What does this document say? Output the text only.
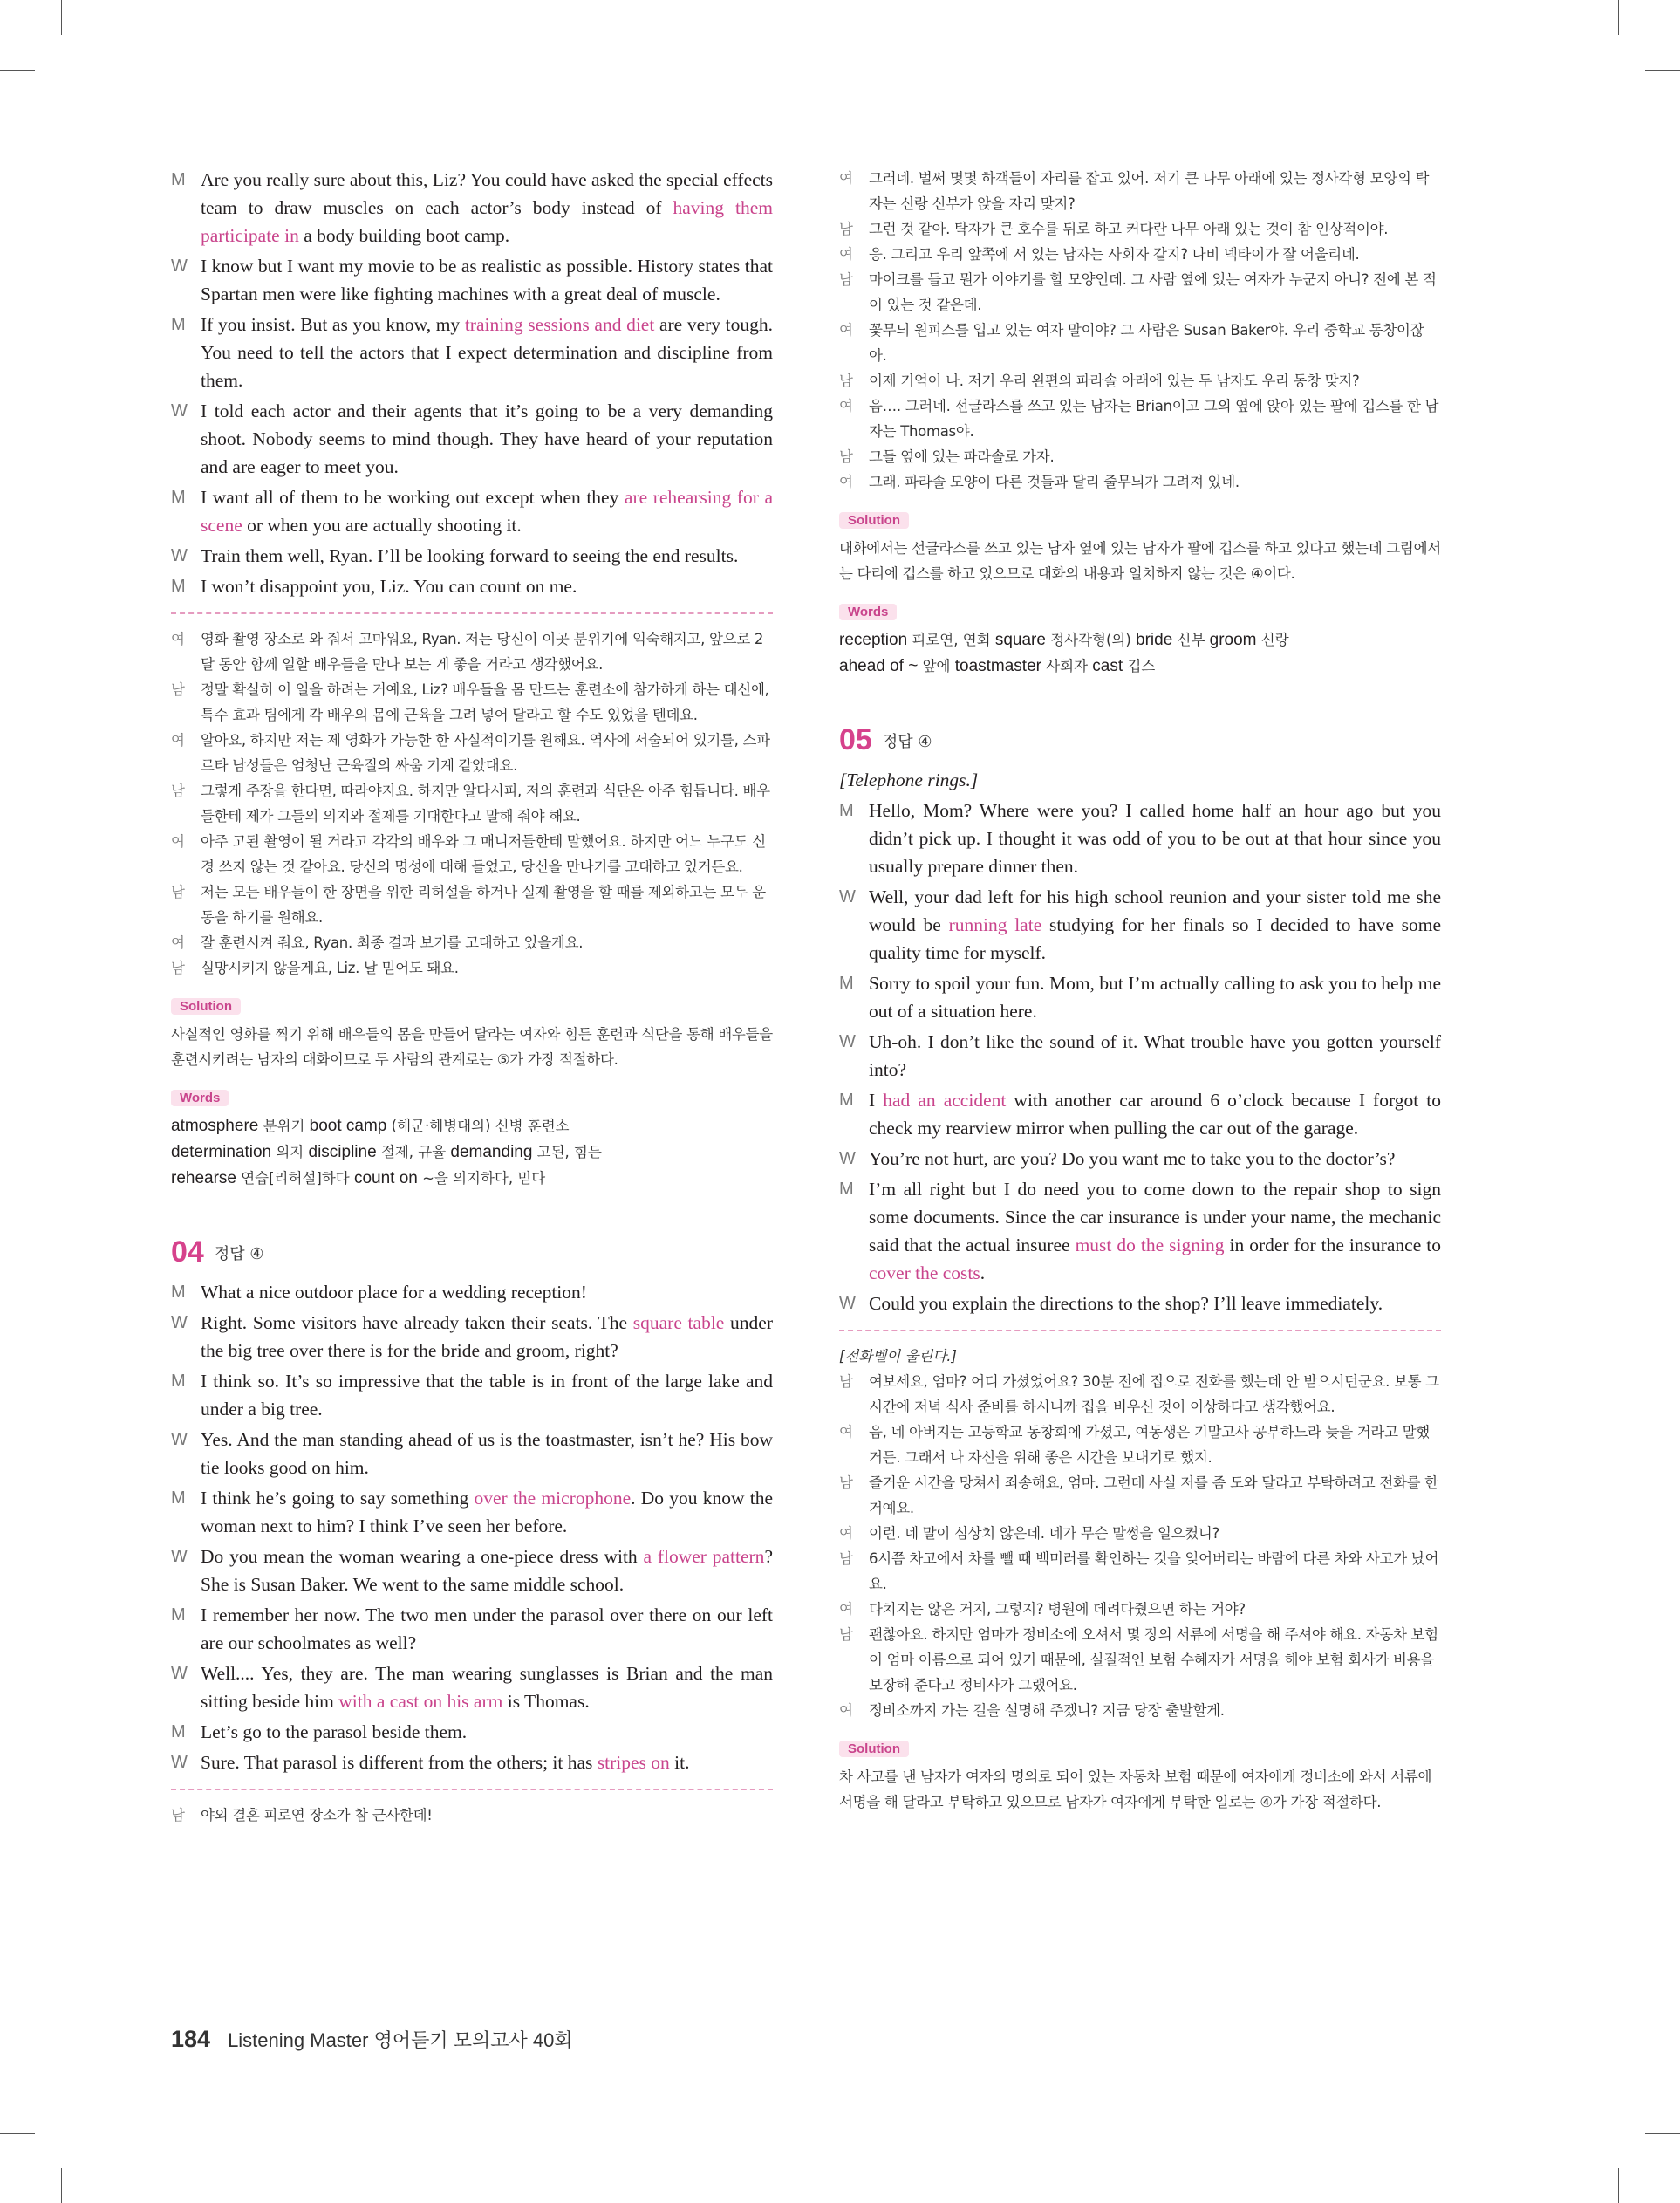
M Are you really sure about this, Liz? You could have asked the special effects team to draw muscles on each actor’s body instead of having them participate in a body building boot camp.

W I know but I want my movie to be as realistic as possible. History states that Spartan men were like fighting machines with a great deal of muscle.

M If you insist. But as you know, my training sessions and diet are very tough. You need to tell the actors that I expect determination and discipline from them.

W I told each actor and their agents that it’s going to be a very demanding shoot. Nobody seems to mind though. They have heard of your reputation and are eager to meet you.

M I want all of them to be working out except when they are rehearsing for a scene or when you are actually shooting it.

W Train them well, Ryan. I’ll be looking forward to seeing the end results.

M I won’t disappoint you, Liz. You can count on me.

여 영화 촬영 장소로 와 줘서 고마워요, Ryan. 저는 당신이 이곳 분위기에 익숙해지고, 앞으로 2달 동안 함께 일할 배우들을 만나 보는 게 좋을 거라고 생각했어요.

남 정말 확실히 이 일을 하려는 거예요, Liz? 배우들을 몸 만드는 훈련소에 참가하게 하는 대신에, 특수 효과 팀에게 각 배우의 몸에 근육을 그려 넣어 달라고 할 수도 있었을 텐데요.

여 알아요, 하지만 저는 제 영화가 가능한 한 사실적이기를 원해요. 역사에 서술되어 있기를, 스파르타 남성들은 엄청난 근육질의 싸움 기계 같았대요.

남 그렇게 주장을 한다면, 따라야지요. 하지만 알다시피, 저의 훈련과 식단은 아주 힘듭니다. 배우들한테 제가 그들의 의지와 절제를 기대한다고 말해 줘야 해요.

여 아주 고된 촬영이 될 거라고 각각의 배우와 그 매니저들한테 말했어요. 하지만 어느 누구도 신경 쓰지 않는 것 같아요. 당신의 명성에 대해 들었고, 당신을 만나기를 고대하고 있거든요.

남 저는 모든 배우들이 한 장면을 위한 리허설을 하거나 실제 촬영을 할 때를 제외하고는 모두 운동을 하기를 원해요.

여 잘 훈련시켜 줘요, Ryan. 최종 결과 보기를 고대하고 있을게요.

남 실망시키지 않을게요, Liz. 날 믿어도 돼요.

Solution

사실적인 영화를 찍기 위해 배우들의 몸을 만들어 달라는 여자와 힘든 훈련과 식단을 통해 배우들을 훈련시키려는 남자의 대화이므로 두 사람의 관계로는 ⑤가 가장 적절하다.

Words

atmosphere 분위기 boot camp (해군·해병대의) 신병 훈련소

determination 의지 discipline 절제, 규율 demanding 고된, 힘든

rehearse 연습[리허설]하다 count on ~을 의지하다, 믿다

04 정답 ④

M What a nice outdoor place for a wedding reception!

W Right. Some visitors have already taken their seats. The square table under the big tree over there is for the bride and groom, right?

M I think so. It’s so impressive that the table is in front of the large lake and under a big tree.

W Yes. And the man standing ahead of us is the toastmaster, isn’t he? His bow tie looks good on him.

M I think he’s going to say something over the microphone. Do you know the woman next to him? I think I’ve seen her before.

W Do you mean the woman wearing a one-piece dress with a flower pattern? She is Susan Baker. We went to the same middle school.

M I remember her now. The two men under the parasol over there on our left are our schoolmates as well?

W Well.... Yes, they are. The man wearing sunglasses is Brian and the man sitting beside him with a cast on his arm is Thomas.

M Let’s go to the parasol beside them.

W Sure. That parasol is different from the others; it has stripes on it.

남 야외 결혼 피로연 장소가 참 근사한데!

여 그러네. 벌써 몇몇 하객들이 자리를 잡고 있어. 저기 큰 나무 아래에 있는 정사각형 모양의 탁자는 신랑 신부가 앉을 자리 맞지?

남 그런 것 같아. 탁자가 큰 호수를 뒤로 하고 커다란 나무 아래 있는 것이 참 인상적이야.

여 응. 그리고 우리 앞쪽에 서 있는 남자는 사회자 같지? 나비 넥타이가 잘 어울리네.

남 마이크를 들고 뭔가 이야기를 할 모양인데. 그 사람 옆에 있는 여자가 누군지 아니? 전에 본 적이 있는 것 같은데.

여 꽃무늬 원피스를 입고 있는 여자 말이야? 그 사람은 Susan Baker야. 우리 중학교 동창이잖아.

남 이제 기억이 나. 저기 우리 왼편의 파라솔 아래에 있는 두 남자도 우리 동창 맞지?

여 음…. 그러네. 선글라스를 쓰고 있는 남자는 Brian이고 그의 옆에 앉아 있는 팔에 깁스를 한 남자는 Thomas야.

남 그들 옆에 있는 파라솔로 가자.

여 그래. 파라솔 모양이 다른 것들과 달리 줄무늬가 그려져 있네.

Solution

대화에서는 선글라스를 쓰고 있는 남자 옆에 있는 남자가 팔에 깁스를 하고 있다고 했는데 그림에서는 다리에 깁스를 하고 있으므로 대화의 내용과 일치하지 않는 것은 ④이다.

Words

reception 피로연, 연회 square 정사각형(의) bride 신부 groom 신랑

ahead of ~ 앞에 toastmaster 사회자 cast 깁스

05 정답 ④

[Telephone rings.]

M Hello, Mom? Where were you? I called home half an hour ago but you didn’t pick up. I thought it was odd of you to be out at that hour since you usually prepare dinner then.

W Well, your dad left for his high school reunion and your sister told me she would be running late studying for her finals so I decided to have some quality time for myself.

M Sorry to spoil your fun. Mom, but I’m actually calling to ask you to help me out of a situation here.

W Uh-oh. I don’t like the sound of it. What trouble have you gotten yourself into?

M I had an accident with another car around 6 o’clock because I forgot to check my rearview mirror when pulling the car out of the garage.

W You’re not hurt, are you? Do you want me to take you to the doctor’s?

M I’m all right but I do need you to come down to the repair shop to sign some documents. Since the car insurance is under your name, the mechanic said that the actual insuree must do the signing in order for the insurance to cover the costs.

W Could you explain the directions to the shop? I’ll leave immediately.

[전화벨이 울린다.]

남 여보세요, 엄마? 어디 가셨었어요? 30분 전에 집으로 전화를 했는데 안 받으시던군요. 보통 그 시간에 저녁 식사 준비를 하시니까 집을 비우신 것이 이상하다고 생각했어요.

여 음, 네 아버지는 고등학교 동창회에 가셨고, 여동생은 기말고사 공부하느라 늦을 거라고 말했거든. 그래서 나 자신을 위해 좋은 시간을 보내기로 했지.

남 즐거운 시간을 망쳐서 죄송해요, 엄마. 그런데 사실 저를 좀 도와 달라고 부탁하려고 전화를 한 거예요.

여 이런. 네 말이 심상치 않은데. 네가 무슨 말썽을 일으켰니?

남 6시쯤 차고에서 차를 뺄 때 백미러를 확인하는 것을 잊어버리는 바람에 다른 차와 사고가 났어요.

여 다치지는 않은 거지, 그렇지? 병원에 데려다줬으면 하는 거야?

남 괜찮아요. 하지만 엄마가 정비소에 오셔서 몇 장의 서류에 서명을 해 주셔야 해요. 자동차 보험이 엄마 이름으로 되어 있기 때문에, 실질적인 보험 수혜자가 서명을 해야 보험 회사가 비용을 보장해 준다고 정비사가 그랬어요.

여 정비소까지 가는 길을 설명해 주겠니? 지금 당장 출발할게.

Solution

차 사고를 낸 남자가 여자의 명의로 되어 있는 자동차 보험 때문에 여자에게 정비소에 와서 서류에 서명을 해 달라고 부탁하고 있으므로 남자가 여자에게 부탁한 일로는 ④가 가장 적절하다.

184 Listening Master 영어듣기 모의고사 40회
